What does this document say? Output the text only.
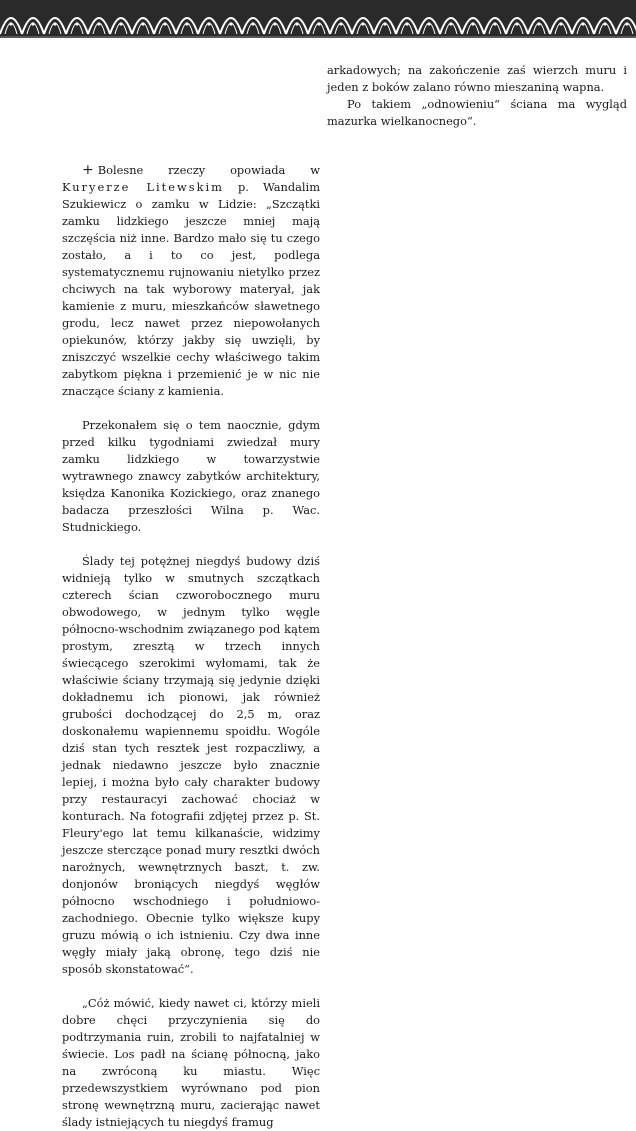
arkadowych; na zakończenie zaś wierzch muru i jeden z boków zalano równo mieszaniną wapna.

Po takiem „odnowieniu“ ściana ma wygląd mazurka wielkanocnego“.

+ Bolesne rzeczy opowiada w Kuryerze Litewskim p. Wandalim Szukiewicz o zamku w Lidzie: „Szczątki zamku lidzkiego jeszcze mniej mają szczęścia niż inne. Bardzo mało się tu czego zostało, a i to co jest, podlega systematycznemu rujnowaniu nietylko przez chciwych na tak wyborowy materyał, jak kamienie z muru, mieszkańców sławetnego grodu, lecz nawet przez niepowołanych opiekunów, którzy jakby się uwzięli, by zniszczyć wszelkie cechy właściwego takim zabytkom piękna i przemienić je w nic nie znaczące ściany z kamienia.

Przekonałem się o tem naocznie, gdym przed kilku tygodniami zwiedzał mury zamku lidzkiego w towarzystwie wytrawnego znawcy zabytków architektury, księdza Kanonika Kozickiego, oraz znanego badacza przeszłości Wilna p. Wac. Studnickiego.

Ślady tej potężnej niegdyś budowy dziś widnieją tylko w smutnych szczątkach czterech ścian czworobocznego muru obwodowego, w jednym tylko węgle północno-wschodnim związanego pod kątem prostym, zresztą w trzech innych świecącego szerokimi wyłomami, tak że właściwie ściany trzymają się jedynie dzięki dokładnemu ich pionowi, jak również grubości dochodzącej do 2,5 m, oraz doskonałemu wapiennemu spoidłu. Wogóle dziś stan tych resztek jest rozpaczliwy, a jednak niedawno jeszcze było znacznie lepiej, i można było cały charakter budowy przy restauracyi zachować chociaż w konturach. Na fotografii zdjętej przez p. St. Fleury'ego lat temu kilkanaście, widzimy jeszcze sterczące ponad mury resztki dwóch narożnych, wewnętrznych baszt, t. zw. donjonów broniących niegdyś węgłów północno wschodniego i południowo-zachodniego. Obecnie tylko większe kupy gruzu mówią o ich istnieniu. Czy dwa inne węgły miały jaką obronę, tego dziś nie sposób skonstatować“.

„Cóż mówić, kiedy nawet ci, którzy mieli dobre chęci przyczynienia się do podtrzymania ruin, zrobili to najfatalniej w świecie. Los padł na ścianę północną, jako na zwróconą ku miastu. Więc przedewszystkiem wyrównano pod pion stronę wewnętrzną muru, zacierając nawet ślady istniejących tu niegdyś framug
